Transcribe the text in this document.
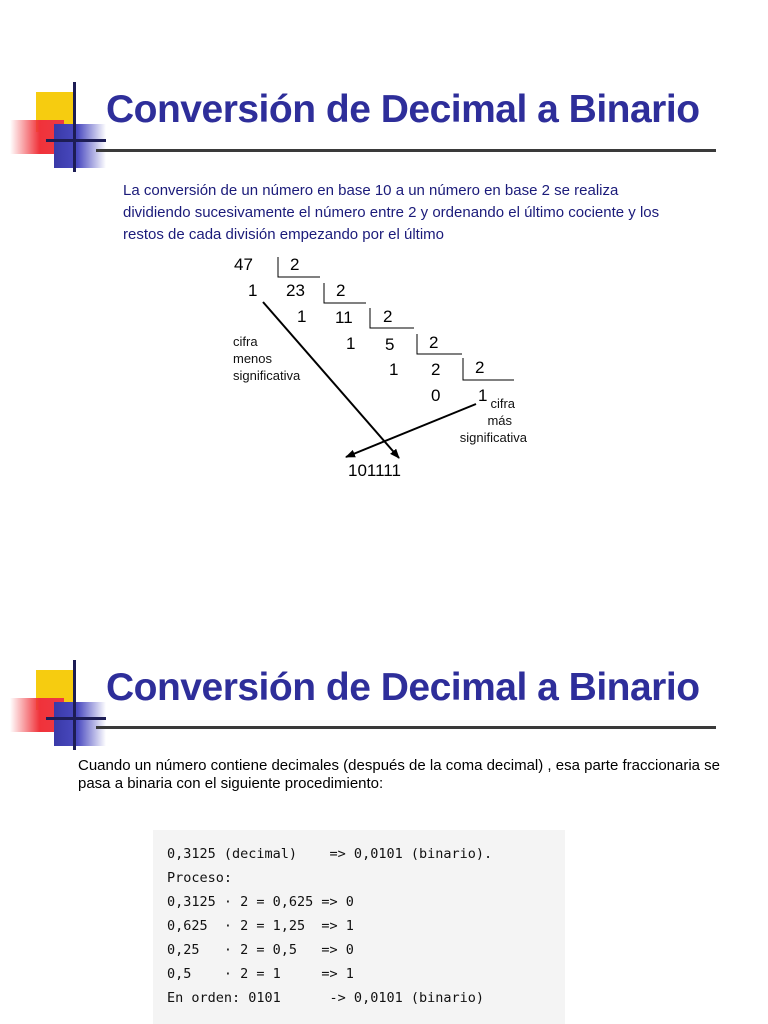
Conversión de Decimal a Binario
La conversión de un número en base 10 a un número en base 2 se realiza dividiendo sucesivamente el número entre 2 y ordenando el último cociente y los restos de cada división empezando por el último
47
23
11
5
2
2
2
2
2
2
1
1
1
1
0 1
cifra
menos
significativa
cifra
más
significativa
101111
Conversión de Decimal a Binario
Cuando un número contiene decimales (después de la coma decimal) , esa parte fraccionaria se pasa a binaria con el siguiente procedimiento:
0,3125 (decimal)    => 0,0101 (binario).
Proceso:
0,3125 · 2 = 0,625 => 0
0,625  · 2 = 1,25  => 1
0,25   · 2 = 0,5   => 0
0,5    · 2 = 1     => 1
En orden: 0101      -> 0,0101 (binario)
